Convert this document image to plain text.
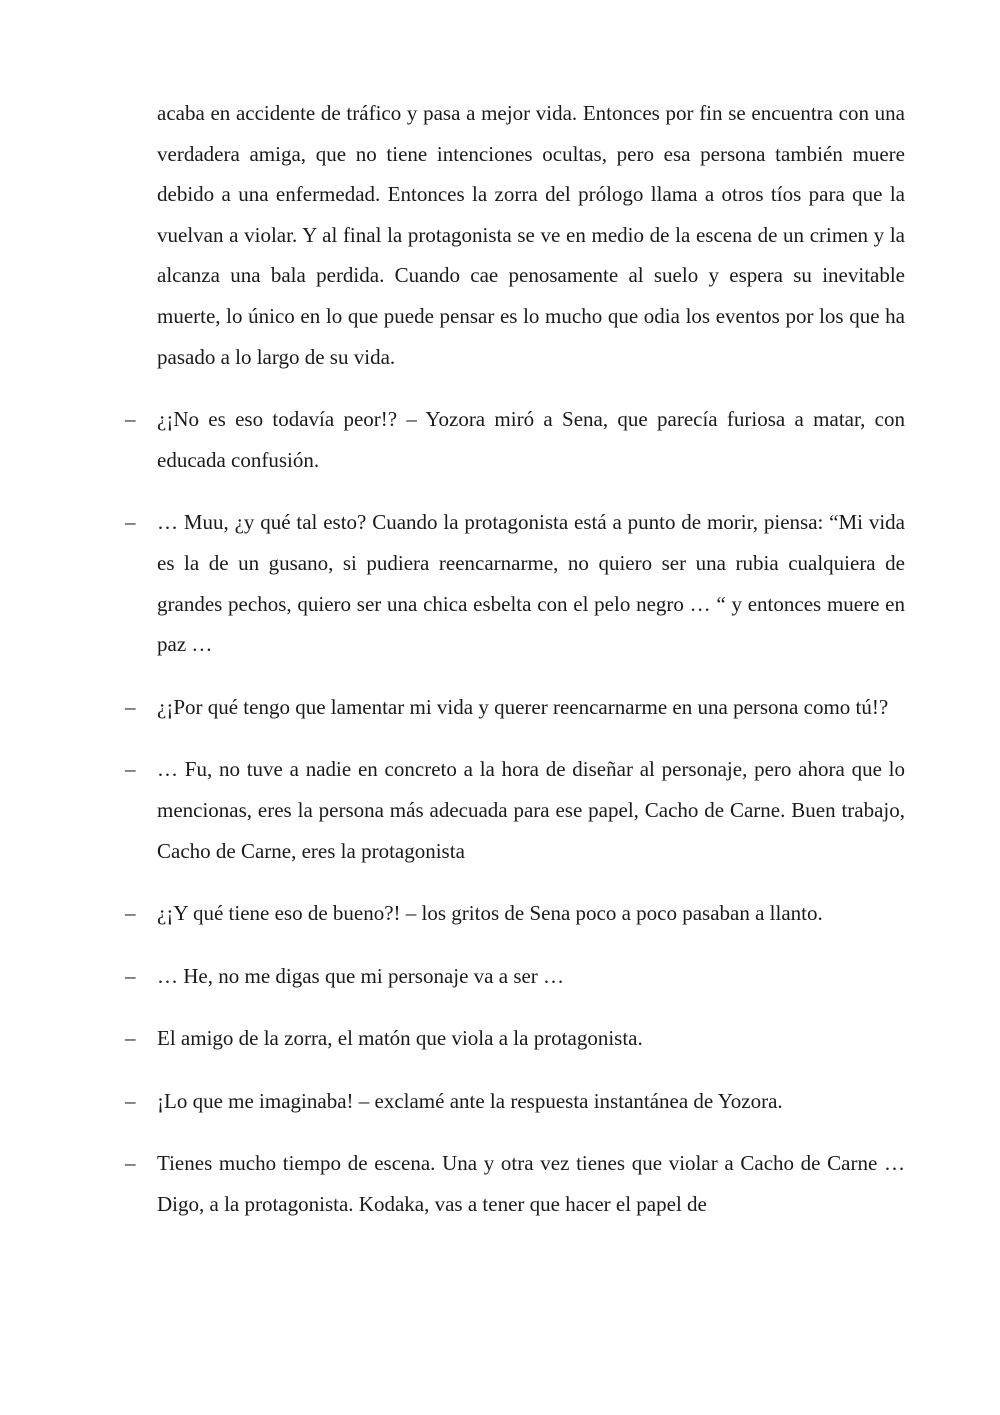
acaba en accidente de tráfico y pasa a mejor vida. Entonces por fin se encuentra con una verdadera amiga, que no tiene intenciones ocultas, pero esa persona también muere debido a una enfermedad. Entonces la zorra del prólogo llama a otros tíos para que la vuelvan a violar. Y al final la protagonista se ve en medio de la escena de un crimen y la alcanza una bala perdida. Cuando cae penosamente al suelo y espera su inevitable muerte, lo único en lo que puede pensar es lo mucho que odia los eventos por los que ha pasado a lo largo de su vida.

– ¿¡No es eso todavía peor!? – Yozora miró a Sena, que parecía furiosa a matar, con educada confusión.

– … Muu, ¿y qué tal esto? Cuando la protagonista está a punto de morir, piensa: “Mi vida es la de un gusano, si pudiera reencarnarme, no quiero ser una rubia cualquiera de grandes pechos, quiero ser una chica esbelta con el pelo negro … “ y entonces muere en paz …

– ¿¡Por qué tengo que lamentar mi vida y querer reencarnarme en una persona como tú!?

– … Fu, no tuve a nadie en concreto a la hora de diseñar al personaje, pero ahora que lo mencionas, eres la persona más adecuada para ese papel, Cacho de Carne. Buen trabajo, Cacho de Carne, eres la protagonista

– ¿¡Y qué tiene eso de bueno?! – los gritos de Sena poco a poco pasaban a llanto.

– … He, no me digas que mi personaje va a ser …

– El amigo de la zorra, el matón que viola a la protagonista.

– ¡Lo que me imaginaba! – exclamé ante la respuesta instantánea de Yozora.

– Tienes mucho tiempo de escena. Una y otra vez tienes que violar a Cacho de Carne … Digo, a la protagonista. Kodaka, vas a tener que hacer el papel de
